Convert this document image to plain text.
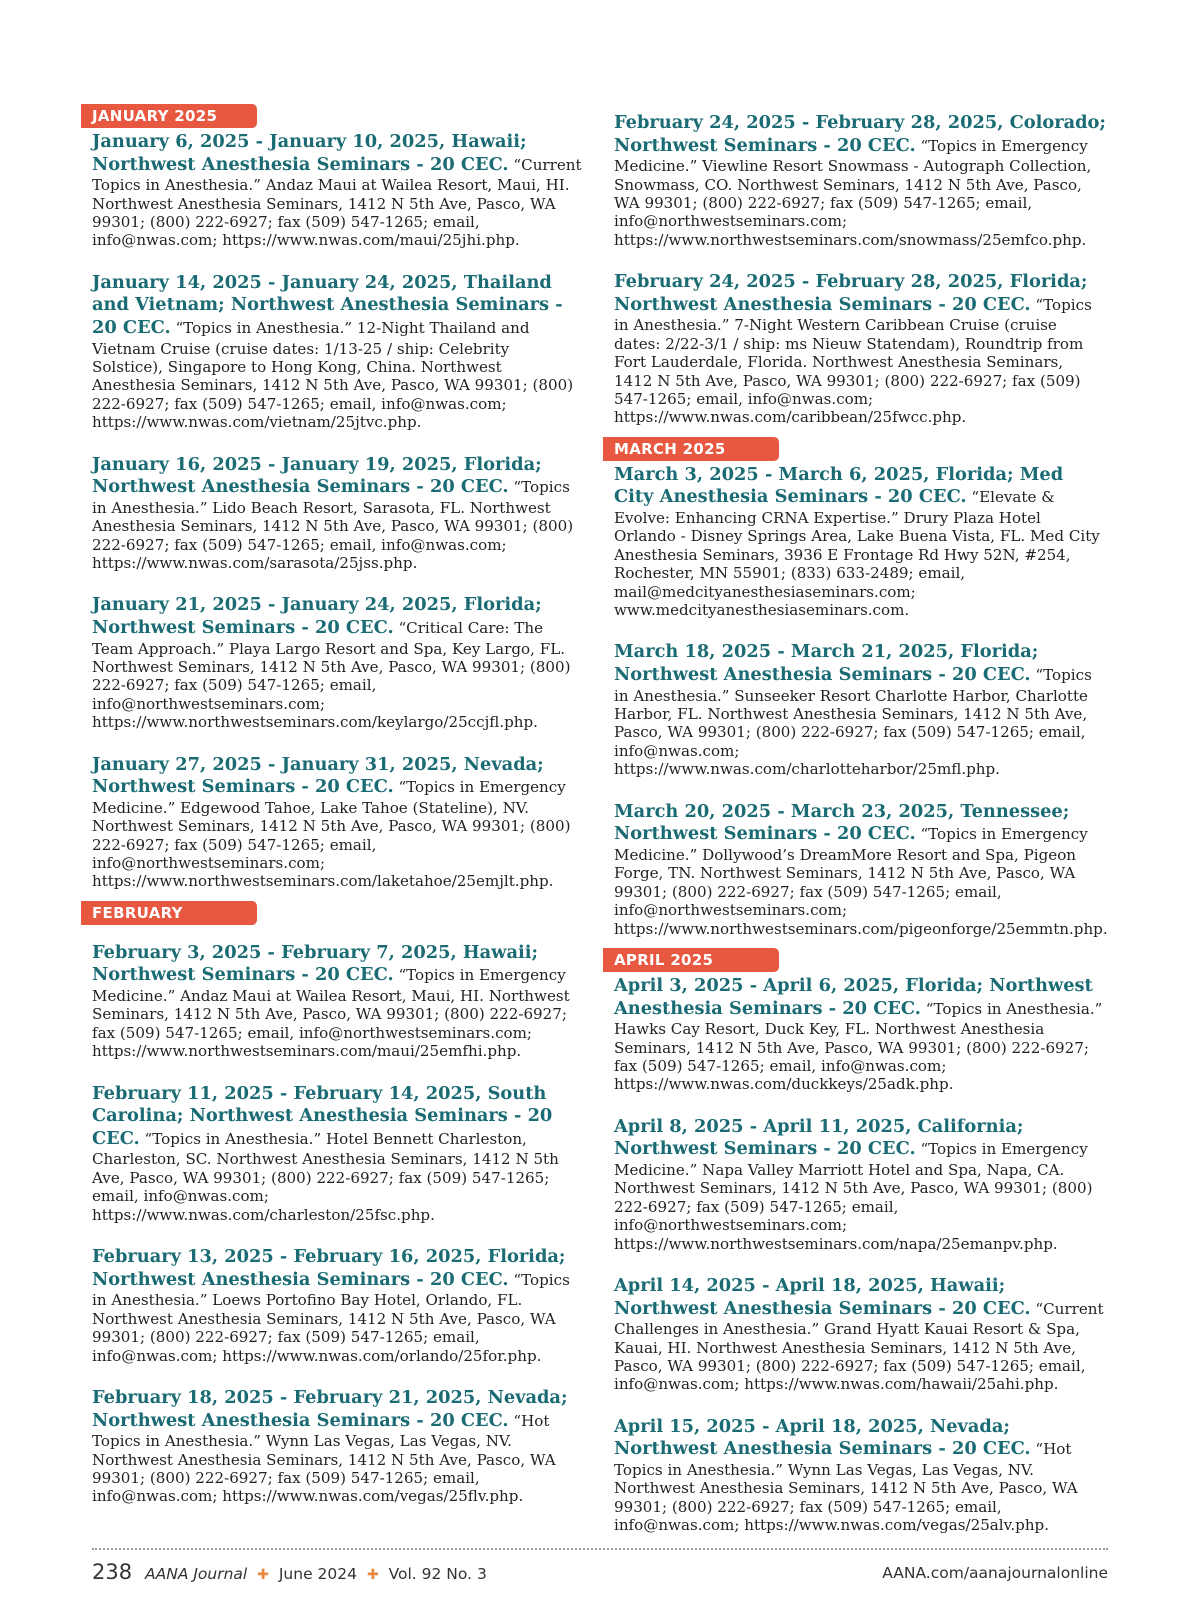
JANUARY 2025
January 6, 2025 - January 10, 2025, Hawaii; Northwest Anesthesia Seminars - 20 CEC. “Current Topics in Anesthesia.” Andaz Maui at Wailea Resort, Maui, HI. Northwest Anesthesia Seminars, 1412 N 5th Ave, Pasco, WA 99301; (800) 222-6927; fax (509) 547-1265; email, info@nwas.com; https://www.nwas.com/maui/25jhi.php.
January 14, 2025 - January 24, 2025, Thailand and Vietnam; Northwest Anesthesia Seminars - 20 CEC. “Topics in Anesthesia.” 12-Night Thailand and Vietnam Cruise (cruise dates: 1/13-25 / ship: Celebrity Solstice), Singapore to Hong Kong, China. Northwest Anesthesia Seminars, 1412 N 5th Ave, Pasco, WA 99301; (800) 222-6927; fax (509) 547-1265; email, info@nwas.com; https://www.nwas.com/vietnam/25jtvc.php.
January 16, 2025 - January 19, 2025, Florida; Northwest Anesthesia Seminars - 20 CEC. “Topics in Anesthesia.” Lido Beach Resort, Sarasota, FL. Northwest Anesthesia Seminars, 1412 N 5th Ave, Pasco, WA 99301; (800) 222-6927; fax (509) 547-1265; email, info@nwas.com; https://www.nwas.com/sarasota/25jss.php.
January 21, 2025 - January 24, 2025, Florida; Northwest Seminars - 20 CEC. “Critical Care: The Team Approach.” Playa Largo Resort and Spa, Key Largo, FL. Northwest Seminars, 1412 N 5th Ave, Pasco, WA 99301; (800) 222-6927; fax (509) 547-1265; email, info@northwestseminars.com; https://www.northwestseminars.com/keylargo/25ccjfl.php.
January 27, 2025 - January 31, 2025, Nevada; Northwest Seminars - 20 CEC. “Topics in Emergency Medicine.” Edgewood Tahoe, Lake Tahoe (Stateline), NV. Northwest Seminars, 1412 N 5th Ave, Pasco, WA 99301; (800) 222-6927; fax (509) 547-1265; email, info@northwestseminars.com; https://www.northwestseminars.com/laketahoe/25emjlt.php.
FEBRUARY 2025
February 3, 2025 - February 7, 2025, Hawaii; Northwest Seminars - 20 CEC. “Topics in Emergency Medicine.” Andaz Maui at Wailea Resort, Maui, HI. Northwest Seminars, 1412 N 5th Ave, Pasco, WA 99301; (800) 222-6927; fax (509) 547-1265; email, info@northwestseminars.com; https://www.northwestseminars.com/maui/25emfhi.php.
February 11, 2025 - February 14, 2025, South Carolina; Northwest Anesthesia Seminars - 20 CEC. “Topics in Anesthesia.” Hotel Bennett Charleston, Charleston, SC. Northwest Anesthesia Seminars, 1412 N 5th Ave, Pasco, WA 99301; (800) 222-6927; fax (509) 547-1265; email, info@nwas.com; https://www.nwas.com/charleston/25fsc.php.
February 13, 2025 - February 16, 2025, Florida; Northwest Anesthesia Seminars - 20 CEC. “Topics in Anesthesia.” Loews Portofino Bay Hotel, Orlando, FL. Northwest Anesthesia Seminars, 1412 N 5th Ave, Pasco, WA 99301; (800) 222-6927; fax (509) 547-1265; email, info@nwas.com; https://www.nwas.com/orlando/25for.php.
February 18, 2025 - February 21, 2025, Nevada; Northwest Anesthesia Seminars - 20 CEC. “Hot Topics in Anesthesia.” Wynn Las Vegas, Las Vegas, NV. Northwest Anesthesia Seminars, 1412 N 5th Ave, Pasco, WA 99301; (800) 222-6927; fax (509) 547-1265; email, info@nwas.com; https://www.nwas.com/vegas/25flv.php.
February 24, 2025 - February 28, 2025, Colorado; Northwest Seminars - 20 CEC. “Topics in Emergency Medicine.” Viewline Resort Snowmass - Autograph Collection, Snowmass, CO. Northwest Seminars, 1412 N 5th Ave, Pasco, WA 99301; (800) 222-6927; fax (509) 547-1265; email, info@northwestseminars.com; https://www.northwestseminars.com/snowmass/25emfco.php.
February 24, 2025 - February 28, 2025, Florida; Northwest Anesthesia Seminars - 20 CEC. “Topics in Anesthesia.” 7-Night Western Caribbean Cruise (cruise dates: 2/22-3/1 / ship: ms Nieuw Statendam), Roundtrip from Fort Lauderdale, Florida. Northwest Anesthesia Seminars, 1412 N 5th Ave, Pasco, WA 99301; (800) 222-6927; fax (509) 547-1265; email, info@nwas.com; https://www.nwas.com/caribbean/25fwcc.php.
MARCH 2025
March 3, 2025 - March 6, 2025, Florida; Med City Anesthesia Seminars - 20 CEC. “Elevate & Evolve: Enhancing CRNA Expertise.” Drury Plaza Hotel Orlando - Disney Springs Area, Lake Buena Vista, FL. Med City Anesthesia Seminars, 3936 E Frontage Rd Hwy 52N, #254, Rochester, MN 55901; (833) 633-2489; email, mail@medcityanesthesiaseminars.com; www.medcityanesthesiaseminars.com.
March 18, 2025 - March 21, 2025, Florida; Northwest Anesthesia Seminars - 20 CEC. “Topics in Anesthesia.” Sunseeker Resort Charlotte Harbor, Charlotte Harbor, FL. Northwest Anesthesia Seminars, 1412 N 5th Ave, Pasco, WA 99301; (800) 222-6927; fax (509) 547-1265; email, info@nwas.com; https://www.nwas.com/charlotteharbor/25mfl.php.
March 20, 2025 - March 23, 2025, Tennessee; Northwest Seminars - 20 CEC. “Topics in Emergency Medicine.” Dollywood’s DreamMore Resort and Spa, Pigeon Forge, TN. Northwest Seminars, 1412 N 5th Ave, Pasco, WA 99301; (800) 222-6927; fax (509) 547-1265; email, info@northwestseminars.com; https://www.northwestseminars.com/pigeonforge/25emmtn.php.
APRIL 2025
April 3, 2025 - April 6, 2025, Florida; Northwest Anesthesia Seminars - 20 CEC. “Topics in Anesthesia.” Hawks Cay Resort, Duck Key, FL. Northwest Anesthesia Seminars, 1412 N 5th Ave, Pasco, WA 99301; (800) 222-6927; fax (509) 547-1265; email, info@nwas.com; https://www.nwas.com/duckkeys/25adk.php.
April 8, 2025 - April 11, 2025, California; Northwest Seminars - 20 CEC. “Topics in Emergency Medicine.” Napa Valley Marriott Hotel and Spa, Napa, CA. Northwest Seminars, 1412 N 5th Ave, Pasco, WA 99301; (800) 222-6927; fax (509) 547-1265; email, info@northwestseminars.com; https://www.northwestseminars.com/napa/25emanpv.php.
April 14, 2025 - April 18, 2025, Hawaii; Northwest Anesthesia Seminars - 20 CEC. “Current Challenges in Anesthesia.” Grand Hyatt Kauai Resort & Spa, Kauai, HI. Northwest Anesthesia Seminars, 1412 N 5th Ave, Pasco, WA 99301; (800) 222-6927; fax (509) 547-1265; email, info@nwas.com; https://www.nwas.com/hawaii/25ahi.php.
April 15, 2025 - April 18, 2025, Nevada; Northwest Anesthesia Seminars - 20 CEC. “Hot Topics in Anesthesia.” Wynn Las Vegas, Las Vegas, NV. Northwest Anesthesia Seminars, 1412 N 5th Ave, Pasco, WA 99301; (800) 222-6927; fax (509) 547-1265; email, info@nwas.com; https://www.nwas.com/vegas/25alv.php.
238 AANA Journal ✚ June 2024 ✚ Vol. 92 No. 3	AANA.com/aanajournalonline
